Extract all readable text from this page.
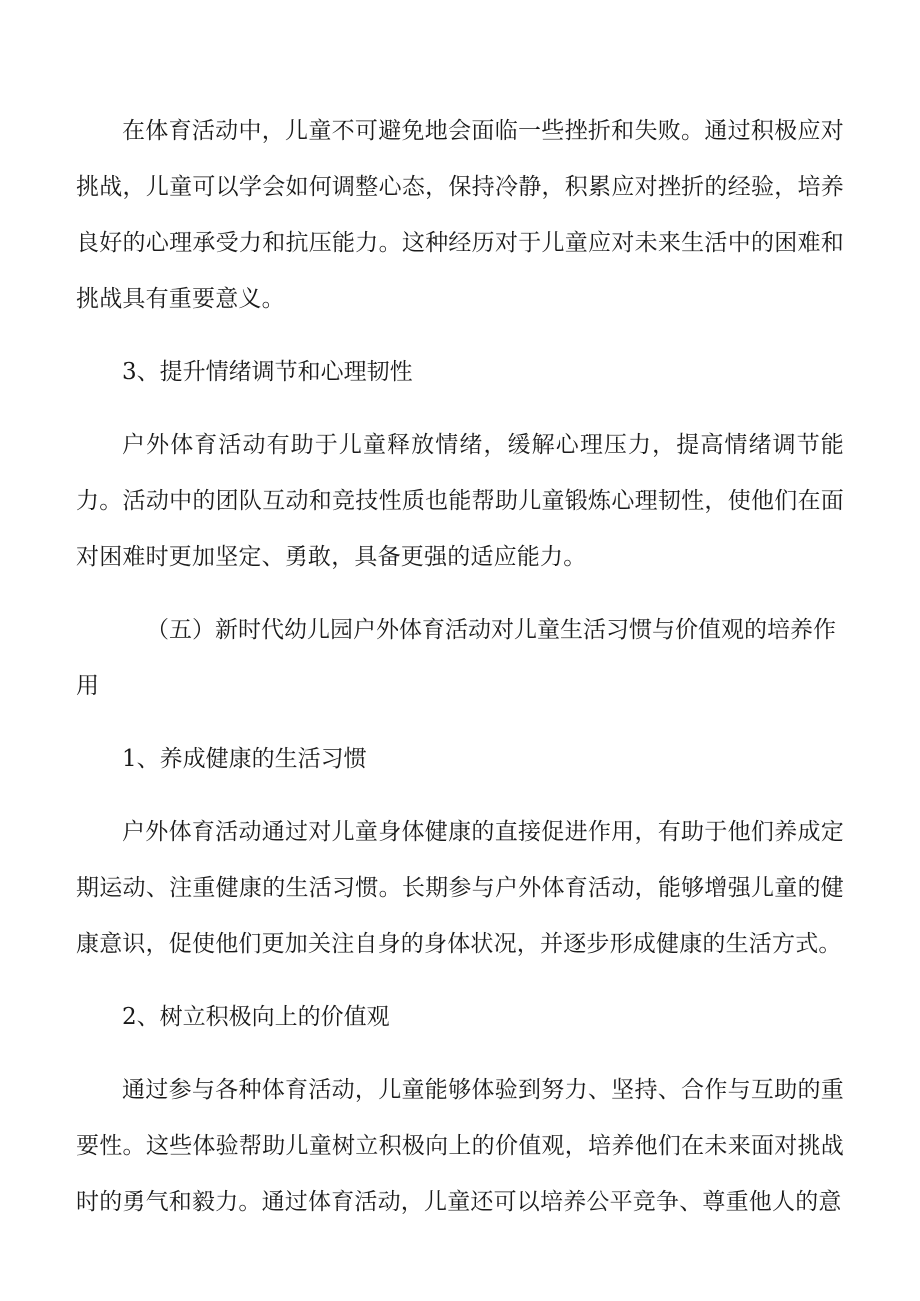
在体育活动中，儿童不可避免地会面临一些挫折和失败。通过积极应对挑战，儿童可以学会如何调整心态，保持冷静，积累应对挫折的经验，培养良好的心理承受力和抗压能力。这种经历对于儿童应对未来生活中的困难和挑战具有重要意义。

3、提升情绪调节和心理韧性

户外体育活动有助于儿童释放情绪，缓解心理压力，提高情绪调节能力。活动中的团队互动和竞技性质也能帮助儿童锻炼心理韧性，使他们在面对困难时更加坚定、勇敢，具备更强的适应能力。

（五）新时代幼儿园户外体育活动对儿童生活习惯与价值观的培养作用
1、养成健康的生活习惯

户外体育活动通过对儿童身体健康的直接促进作用，有助于他们养成定期运动、注重健康的生活习惯。长期参与户外体育活动，能够增强儿童的健康意识，促使他们更加关注自身的身体状况，并逐步形成健康的生活方式。

2、树立积极向上的价值观

通过参与各种体育活动，儿童能够体验到努力、坚持、合作与互助的重要性。这些体验帮助儿童树立积极向上的价值观，培养他们在未来面对挑战时的勇气和毅力。通过体育活动，儿童还可以培养公平竞争、尊重他人的意
